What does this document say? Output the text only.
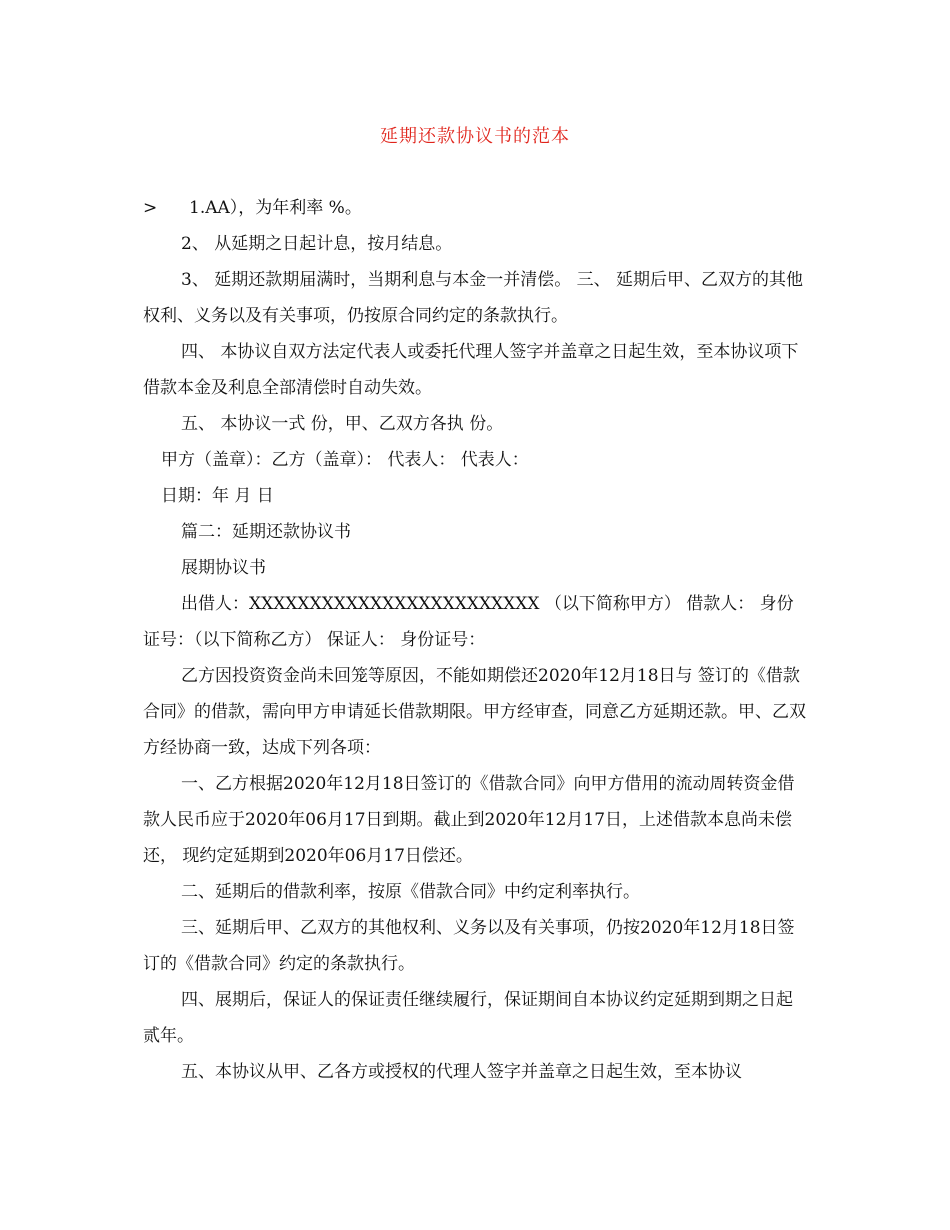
延期还款协议书的范本
> 1.AA），为年利率 %。

2、 从延期之日起计息，按月结息。

3、 延期还款期届满时，当期利息与本金一并清偿。 三、 延期后甲、乙双方的其他权利、义务以及有关事项，仍按原合同约定的条款执行。

四、 本协议自双方法定代表人或委托代理人签字并盖章之日起生效，至本协议项下借款本金及利息全部清偿时自动失效。

五、 本协议一式 份，甲、乙双方各执 份。

甲方（盖章）：乙方（盖章）： 代表人： 代表人：

日期：年 月 日

篇二：延期还款协议书

展期协议书

出借人：XXXXXXXXXXXXXXXXXXXXXXXX （以下简称甲方） 借款人： 身份证号：（以下简称乙方） 保证人： 身份证号：

乙方因投资资金尚未回笼等原因，不能如期偿还2020年12月18日与 签订的《借款合同》的借款，需向甲方申请延长借款期限。甲方经审查，同意乙方延期还款。甲、乙双方经协商一致，达成下列各项：

一、乙方根据2020年12月18日签订的《借款合同》向甲方借用的流动周转资金借款人民币应于2020年06月17日到期。截止到2020年12月17日，上述借款本息尚未偿还， 现约定延期到2020年06月17日偿还。

二、延期后的借款利率，按原《借款合同》中约定利率执行。

三、延期后甲、乙双方的其他权利、义务以及有关事项，仍按2020年12月18日签订的《借款合同》约定的条款执行。

四、展期后，保证人的保证责任继续履行，保证期间自本协议约定延期到期之日起贰年。

五、本协议从甲、乙各方或授权的代理人签字并盖章之日起生效，至本协议
